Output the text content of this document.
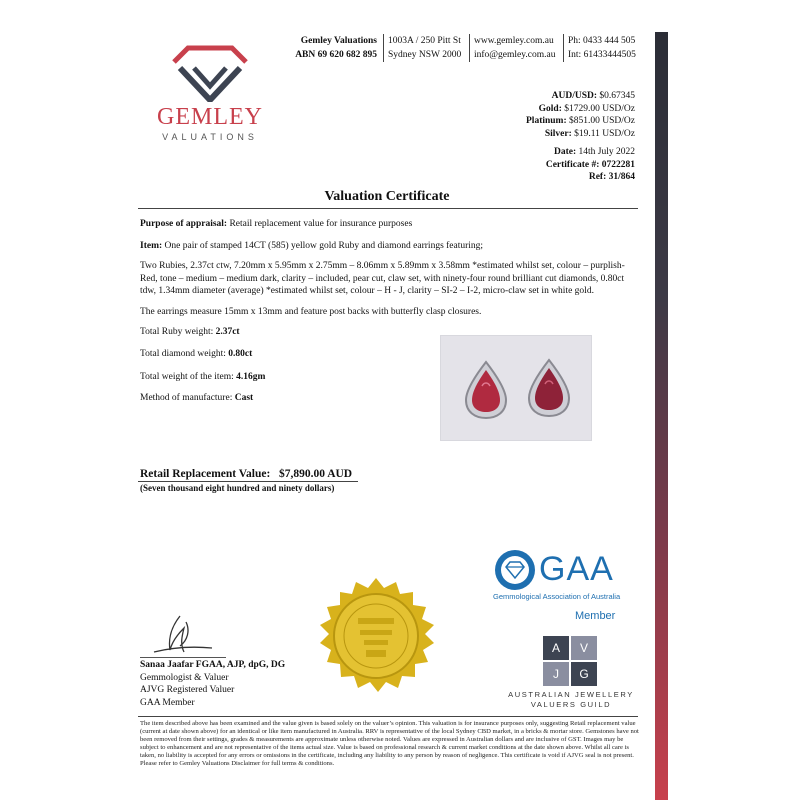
GEMLEY
VALUATIONS
Gemley Valuations
ABN 69 620 682 895
1003A / 250 Pitt St
Sydney NSW 2000
www.gemley.com.au
info@gemley.com.au
Ph: 0433 444 505
Int: 61433444505
AUD/USD: $0.67345
Gold: $1729.00 USD/Oz
Platinum: $851.00 USD/Oz
Silver: $19.11 USD/Oz
Date: 14th July 2022
Certificate #: 0722281
Ref: 31/864
Valuation Certificate
Purpose of appraisal: Retail replacement value for insurance purposes
Item: One pair of stamped 14CT (585) yellow gold Ruby and diamond earrings featuring;
Two Rubies, 2.37ct ctw, 7.20mm x 5.95mm x 2.75mm – 8.06mm x 5.89mm x 3.58mm *estimated whilst set, colour – purplish-Red, tone – medium – medium dark, clarity – included, pear cut, claw set, with ninety-four round brilliant cut diamonds, 0.80ct tdw, 1.34mm diameter (average) *estimated whilst set, colour – H - J, clarity – SI-2 – I-2, micro-claw set in white gold.
The earrings measure 15mm x 13mm and feature post backs with butterfly clasp closures.
Total Ruby weight: 2.37ct
Total diamond weight: 0.80ct
Total weight of the item: 4.16gm
Method of manufacture: Cast
Retail Replacement Value: $7,890.00 AUD
(Seven thousand eight hundred and ninety dollars)
GAA
Gemmological Association of Australia
Member
A	V
J	G
AUSTRALIAN JEWELLERY
VALUERS GUILD
Sanaa Jaafar FGAA, AJP, dpG, DG
Gemmologist & Valuer
AJVG Registered Valuer
GAA Member
The item described above has been examined and the value given is based solely on the valuer’s opinion. This valuation is for insurance purposes only, suggesting Retail replacement value (current at date shown above) for an identical or like item manufactured in Australia. RRV is representative of the local Sydney CBD market, in a bricks & mortar store. Gemstones have not been removed from their settings, grades & measurements are approximate unless otherwise noted. Values are expressed in Australian dollars and are inclusive of GST. Images may be subject to enhancement and are not representative of the items actual size. Value is based on professional research & current market conditions at the date shown above. Whilst all care is taken, no liability is accepted for any errors or omissions in the certificate, including any liability to any person by reason of negligence. This certificate is void if AJVG seal is not present. Please refer to Gemley Valuations Disclaimer for full terms & conditions.
